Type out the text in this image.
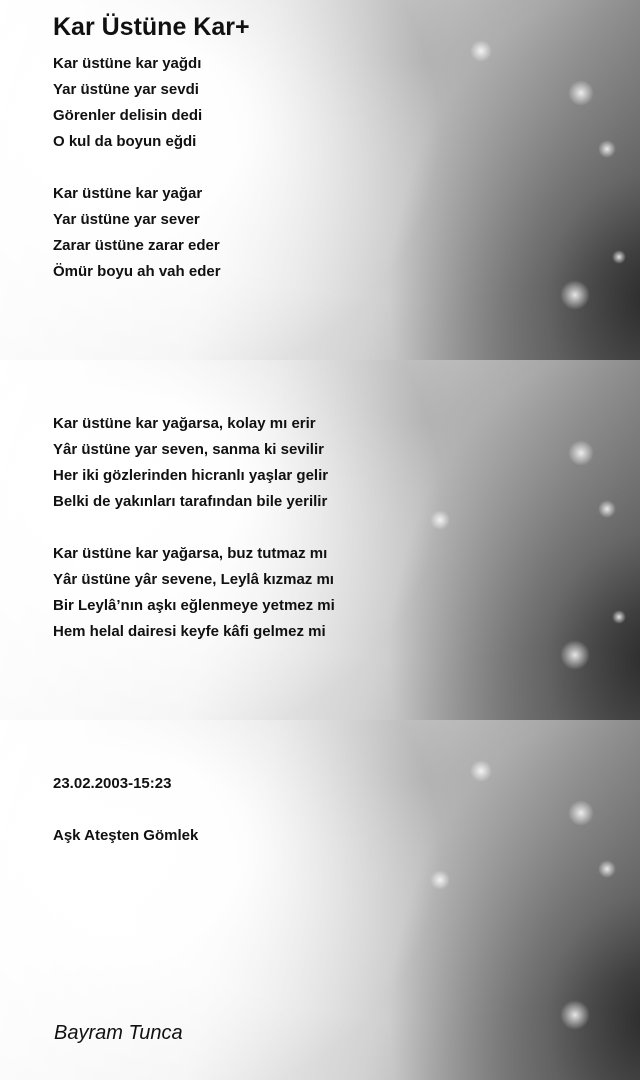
Kar Üstüne Kar+
Kar üstüne kar yağdı
Yar üstüne yar sevdi
Görenler delisin dedi
O kul da boyun eğdi
Kar üstüne kar yağar
Yar üstüne yar sever
Zarar üstüne zarar eder
Ömür boyu ah vah eder
Kar üstüne kar yağarsa, kolay mı erir
Yâr üstüne yar seven, sanma ki sevilir
Her iki gözlerinden hicranlı yaşlar gelir
Belki de yakınları tarafından bile yerilir
Kar üstüne kar yağarsa, buz tutmaz mı
Yâr üstüne yâr sevene, Leylâ kızmaz mı
Bir Leylâ’nın aşkı eğlenmeye yetmez mi
Hem helal dairesi keyfe kâfi gelmez mi
23.02.2003-15:23
Aşk Ateşten Gömlek
Bayram Tunca
